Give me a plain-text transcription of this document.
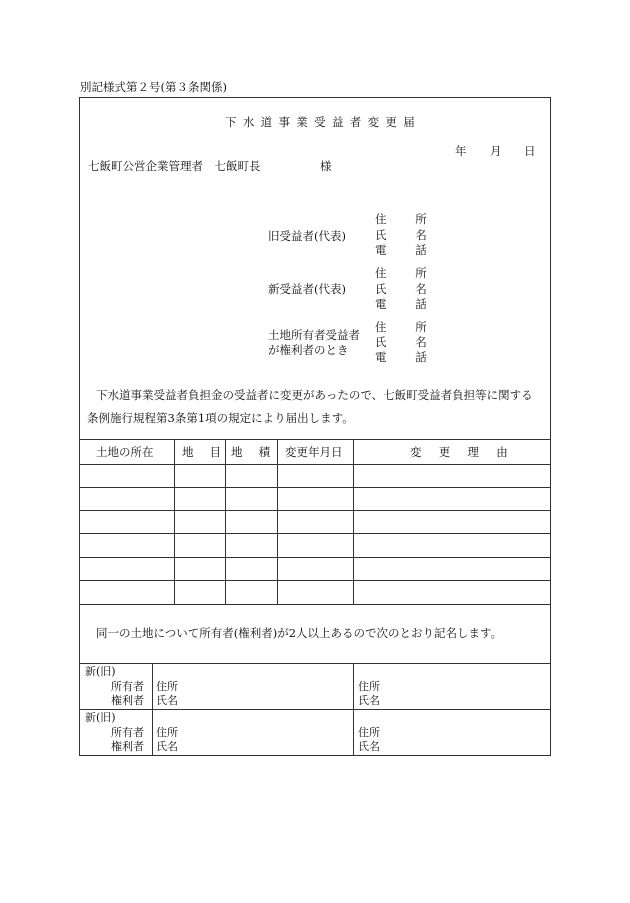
別記様式第２号(第３条関係)
下水道事業受益者変更届
年 月 日
七飯町公営企業管理者　七飯町長	様
旧受益者(代表)
住　所
氏　名
電　話
新受益者(代表)
住　所
氏　名
電　話
土地所有者受益者
が権利者のとき
住　所
氏　名
電　話
下水道事業受益者負担金の受益者に変更があったので、七飯町受益者負担等に関する
条例施行規程第3条第1項の規定により届出します。
土地の所在 地　目 地　積 変更年月日	変　更　理　由
同一の土地について所有者(権利者)が2人以上あるので次のとおり記名します。
新(旧)
所有者
権利者
住所
氏名
住所
氏名
新(旧)
所有者
権利者
住所
氏名
住所
氏名
